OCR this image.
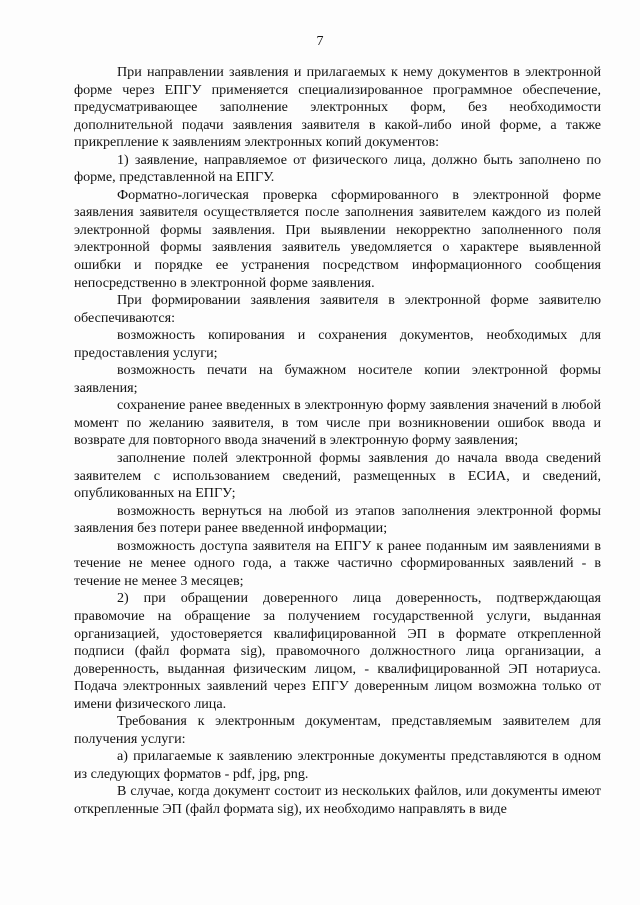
7

При направлении заявления и прилагаемых к нему документов в электронной форме через ЕПГУ применяется специализированное программное обеспечение, предусматривающее заполнение электронных форм, без необходимости дополнительной подачи заявления заявителя в какой-либо иной форме, а также прикрепление к заявлениям электронных копий документов:

1) заявление, направляемое от физического лица, должно быть заполнено по форме, представленной на ЕПГУ.

Форматно-логическая проверка сформированного в электронной форме заявления заявителя осуществляется после заполнения заявителем каждого из полей электронной формы заявления. При выявлении некорректно заполненного поля электронной формы заявления заявитель уведомляется о характере выявленной ошибки и порядке ее устранения посредством информационного сообщения непосредственно в электронной форме заявления.

При формировании заявления заявителя в электронной форме заявителю обеспечиваются:

возможность копирования и сохранения документов, необходимых для предоставления услуги;

возможность печати на бумажном носителе копии электронной формы заявления;

сохранение ранее введенных в электронную форму заявления значений в любой момент по желанию заявителя, в том числе при возникновении ошибок ввода и возврате для повторного ввода значений в электронную форму заявления;

заполнение полей электронной формы заявления до начала ввода сведений заявителем с использованием сведений, размещенных в ЕСИА, и сведений, опубликованных на ЕПГУ;

возможность вернуться на любой из этапов заполнения электронной формы заявления без потери ранее введенной информации;

возможность доступа заявителя на ЕПГУ к ранее поданным им заявлениями в течение не менее одного года, а также частично сформированных заявлений - в течение не менее 3 месяцев;

2) при обращении доверенного лица доверенность, подтверждающая правомочие на обращение за получением государственной услуги, выданная организацией, удостоверяется квалифицированной ЭП в формате открепленной подписи (файл формата sig), правомочного должностного лица организации, а доверенность, выданная физическим лицом, - квалифицированной ЭП нотариуса. Подача электронных заявлений через ЕПГУ доверенным лицом возможна только от имени физического лица.

Требования к электронным документам, представляемым заявителем для получения услуги:

а) прилагаемые к заявлению электронные документы представляются в одном из следующих форматов - pdf, jpg, png.

В случае, когда документ состоит из нескольких файлов, или документы имеют открепленные ЭП (файл формата sig), их необходимо направлять в виде
